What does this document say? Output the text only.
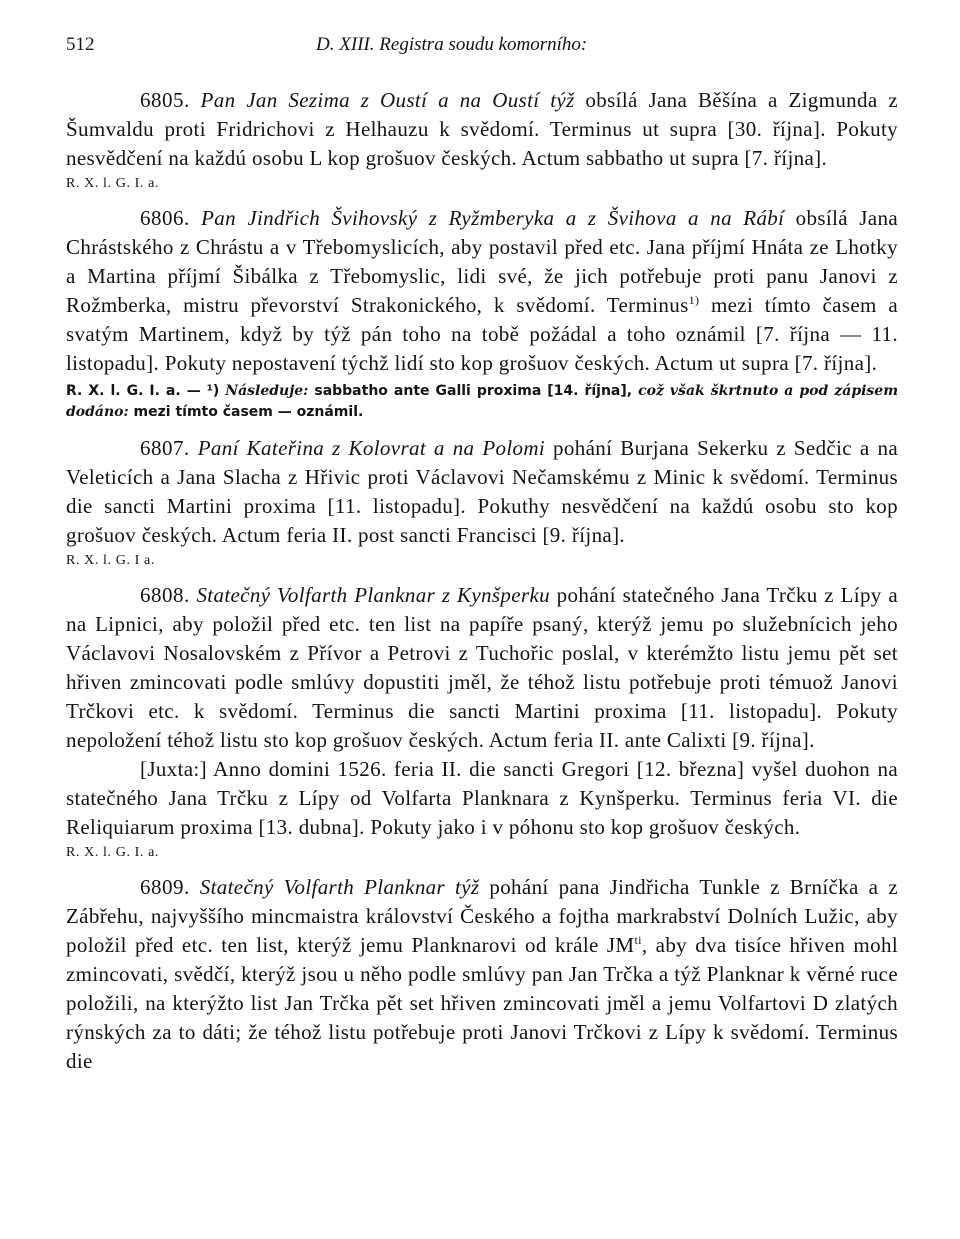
512	D. XIII. Registra soudu komorního:

6805. Pan Jan Sezima z Oustí a na Oustí týž obsílá Jana Běšína a Zigmunda z Šumvaldu proti Fridrichovi z Helhauzu k svědomí. Terminus ut supra [30. října]. Pokuty nesvědčení na každú osobu L kop grošuov českých. Actum sabbatho ut supra [7. října].

R. X. l. G. I. a.

6806. Pan Jindřich Švihovský z Ryžmberyka a z Švihova a na Rábí obsílá Jana Chrástského z Chrástu a v Třebomyslicích, aby postavil před etc. Jana příjmí Hnáta ze Lhotky a Martina příjmí Šibálka z Třebomyslic, lidi své, že jich potřebuje proti panu Janovi z Rožmberka, mistru převorství Strakonického, k svědomí. Terminus$^{1)}$ mezi tímto časem a svatým Martinem, když by týž pán toho na tobě požádal a toho oznámil [7. října — 11. listopadu]. Pokuty nepostavení týchž lidí sto kop grošuov českých. Actum ut supra [7. října].

R. X. l. G. I. a. — ¹) Následuje: sabbatho ante Galli proxima [14. října], což však škrtnuto a pod zápisem dodáno: mezi tímto časem — oznámil.

6807. Paní Kateřina z Kolovrat a na Polomi pohání Burjana Sekerku z Sedčic a na Veleticích a Jana Slacha z Hřivic proti Václavovi Nečamskému z Minic k svědomí. Terminus die sancti Martini proxima [11. listopadu]. Pokuthy nesvědčení na každú osobu sto kop grošuov českých. Actum feria II. post sancti Francisci [9. října].

R. X. l. G. I a.

6808. Statečný Volfarth Planknar z Kynšperku pohání statečného Jana Trčku z Lípy a na Lipnici, aby položil před etc. ten list na papíře psaný, kterýž jemu po služebnícich jeho Václavovi Nosalovském z Přívor a Petrovi z Tuchořic poslal, v kterémžto listu jemu pět set hřiven zmincovati podle smlúvy dopustiti jměl, že téhož listu potřebuje proti témuož Janovi Trčkovi etc. k svědomí. Terminus die sancti Martini proxima [11. listopadu]. Pokuty nepoložení téhož listu sto kop grošuov českých. Actum feria II. ante Calixti [9. října].

[Juxta:] Anno domini 1526. feria II. die sancti Gregori [12. března] vyšel duohon na statečného Jana Trčku z Lípy od Volfarta Planknara z Kynšperku. Terminus feria VI. die Reliquiarum proxima [13. dubna]. Pokuty jako i v póhonu sto kop grošuov českých.

R. X. l. G. I. a.

6809. Statečný Volfarth Planknar týž pohání pana Jindřicha Tunkle z Brníčka a z Zábřehu, najvyššího mincmaistra království Českého a fojtha markrabství Dolních Lužic, aby položil před etc. ten list, kterýž jemu Planknarovi od krále $JM^{ti}$, aby dva tisíce hřiven mohl zmincovati, svědčí, kterýž jsou u něho podle smlúvy pan Jan Trčka a týž Planknar k věrné ruce položili, na kterýžto list Jan Trčka pět set hřiven zmincovati jměl a jemu Volfartovi D zlatých rýnských za to dáti; že téhož listu potřebuje proti Janovi Trčkovi z Lípy k svědomí. Terminus die
